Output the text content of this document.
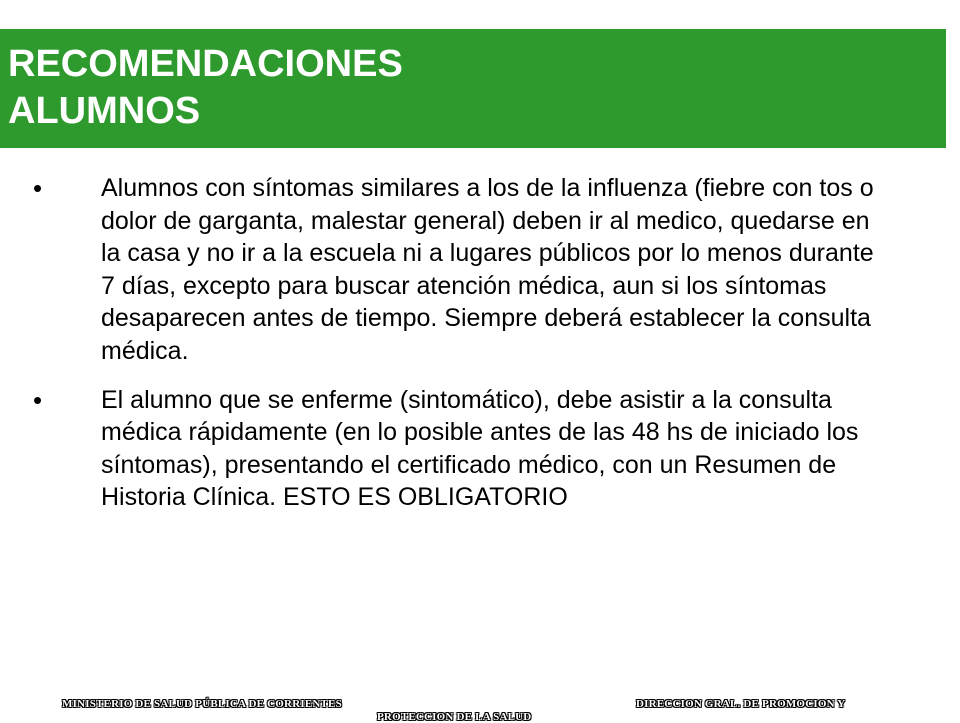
RECOMENDACIONES
ALUMNOS
• Alumnos con síntomas similares a los de la influenza (fiebre con tos o dolor de garganta, malestar general) deben ir al medico, quedarse en la casa y no ir a la escuela ni a lugares públicos por lo menos durante 7 días, excepto para buscar atención médica, aun si los síntomas desaparecen antes de tiempo. Siempre deberá establecer la consulta médica.
• El alumno que se enferme (sintomático), debe asistir a la consulta médica rápidamente (en lo posible antes de las 48 hs de iniciado los síntomas), presentando el certificado médico, con un Resumen de Historia Clínica. ESTO ES OBLIGATORIO
MINISTERIO DE SALUD PÚBLICA DE CORRIENTES	DIRECCION GRAL. DE PROMOCION Y
PROTECCION DE LA SALUD
